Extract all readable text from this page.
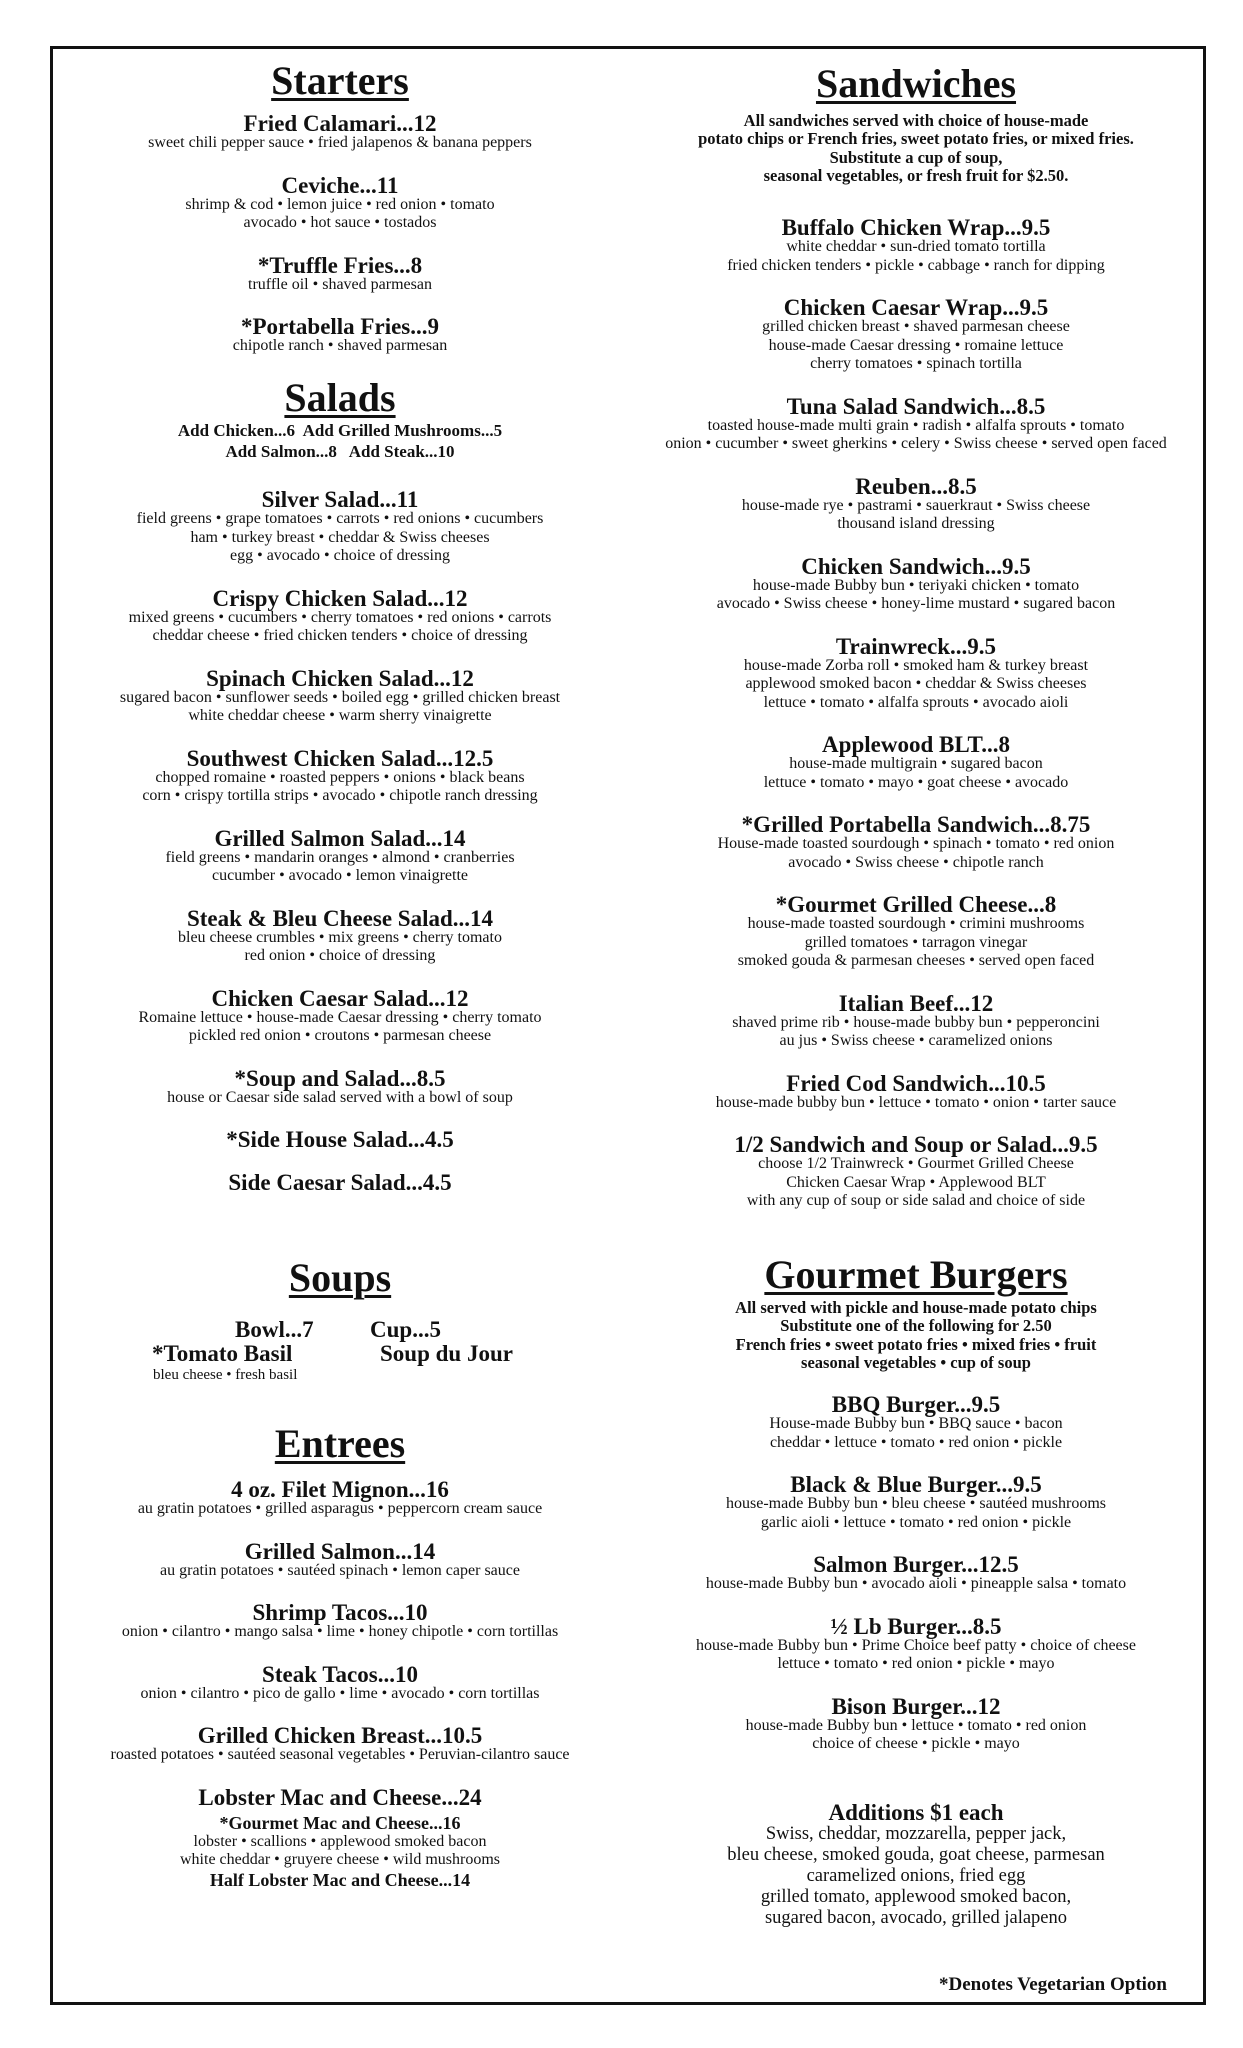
Starters
Fried Calamari...12
sweet chili pepper sauce • fried jalapenos & banana peppers
Ceviche...11
shrimp & cod • lemon juice • red onion • tomato
avocado • hot sauce • tostados
*Truffle Fries...8
truffle oil • shaved parmesan
*Portabella Fries...9
chipotle ranch • shaved parmesan
Salads
Add Chicken...6  Add Grilled Mushrooms...5
Add Salmon...8   Add Steak...10
Silver Salad...11
field greens • grape tomatoes • carrots • red onions • cucumbers
ham • turkey breast • cheddar & Swiss cheeses
egg • avocado • choice of dressing
Crispy Chicken Salad...12
mixed greens • cucumbers • cherry tomatoes • red onions • carrots
cheddar cheese • fried chicken tenders • choice of dressing
Spinach Chicken Salad...12
sugared bacon • sunflower seeds • boiled egg • grilled chicken breast
white cheddar cheese • warm sherry vinaigrette
Southwest Chicken Salad...12.5
chopped romaine • roasted peppers • onions • black beans
corn • crispy tortilla strips • avocado • chipotle ranch dressing
Grilled Salmon Salad...14
field greens • mandarin oranges • almond • cranberries
cucumber • avocado • lemon vinaigrette
Steak & Bleu Cheese Salad...14
bleu cheese crumbles • mix greens • cherry tomato
red onion • choice of dressing
Chicken Caesar Salad...12
Romaine lettuce • house-made Caesar dressing • cherry tomato
pickled red onion • croutons • parmesan cheese
*Soup and Salad...8.5
house or Caesar side salad served with a bowl of soup
*Side House Salad...4.5
Side Caesar Salad...4.5
Soups
Bowl...7 Cup...5
*Tomato Basil
bleu cheese • fresh basil
Soup du Jour
Entrees
4 oz. Filet Mignon...16
au gratin potatoes • grilled asparagus • peppercorn cream sauce
Grilled Salmon...14
au gratin potatoes • sautéed spinach • lemon caper sauce
Shrimp Tacos...10
onion • cilantro • mango salsa • lime • honey chipotle • corn tortillas
Steak Tacos...10
onion • cilantro • pico de gallo • lime • avocado • corn tortillas
Grilled Chicken Breast...10.5
roasted potatoes • sautéed seasonal vegetables • Peruvian-cilantro sauce
Lobster Mac and Cheese...24
*Gourmet Mac and Cheese...16
lobster • scallions • applewood smoked bacon
white cheddar • gruyere cheese • wild mushrooms
Half Lobster Mac and Cheese...14
Sandwiches
All sandwiches served with choice of house-made
potato chips or French fries, sweet potato fries, or mixed fries.
Substitute a cup of soup,
seasonal vegetables, or fresh fruit for $2.50.
Buffalo Chicken Wrap...9.5
white cheddar • sun-dried tomato tortilla
fried chicken tenders • pickle • cabbage • ranch for dipping
Chicken Caesar Wrap...9.5
grilled chicken breast • shaved parmesan cheese
house-made Caesar dressing • romaine lettuce
cherry tomatoes • spinach tortilla
Tuna Salad Sandwich...8.5
toasted house-made multi grain • radish • alfalfa sprouts • tomato
onion • cucumber • sweet gherkins • celery • Swiss cheese • served open faced
Reuben...8.5
house-made rye • pastrami • sauerkraut • Swiss cheese
thousand island dressing
Chicken Sandwich...9.5
house-made Bubby bun • teriyaki chicken • tomato
avocado • Swiss cheese • honey-lime mustard • sugared bacon
Trainwreck...9.5
house-made Zorba roll • smoked ham & turkey breast
applewood smoked bacon • cheddar & Swiss cheeses
lettuce • tomato • alfalfa sprouts • avocado aioli
Applewood BLT...8
house-made multigrain • sugared bacon
lettuce • tomato • mayo • goat cheese • avocado
*Grilled Portabella Sandwich...8.75
House-made toasted sourdough • spinach • tomato • red onion
avocado • Swiss cheese • chipotle ranch
*Gourmet Grilled Cheese...8
house-made toasted sourdough • crimini mushrooms
grilled tomatoes • tarragon vinegar
smoked gouda & parmesan cheeses • served open faced
Italian Beef...12
shaved prime rib • house-made bubby bun • pepperoncini
au jus • Swiss cheese • caramelized onions
Fried Cod Sandwich...10.5
house-made bubby bun • lettuce • tomato • onion • tarter sauce
1/2 Sandwich and Soup or Salad...9.5
choose 1/2 Trainwreck • Gourmet Grilled Cheese
Chicken Caesar Wrap • Applewood BLT
with any cup of soup or side salad and choice of side
Gourmet Burgers
All served with pickle and house-made potato chips
Substitute one of the following for 2.50
French fries • sweet potato fries • mixed fries • fruit
seasonal vegetables • cup of soup
BBQ Burger...9.5
House-made Bubby bun • BBQ sauce • bacon
cheddar • lettuce • tomato • red onion • pickle
Black & Blue Burger...9.5
house-made Bubby bun • bleu cheese • sautéed mushrooms
garlic aioli • lettuce • tomato • red onion • pickle
Salmon Burger...12.5
house-made Bubby bun • avocado aioli • pineapple salsa • tomato
½ Lb Burger...8.5
house-made Bubby bun • Prime Choice beef patty • choice of cheese
lettuce • tomato • red onion • pickle • mayo
Bison Burger...12
house-made Bubby bun • lettuce • tomato • red onion
choice of cheese • pickle • mayo
Additions $1 each
Swiss, cheddar, mozzarella, pepper jack,
bleu cheese, smoked gouda, goat cheese, parmesan
caramelized onions, fried egg
grilled tomato, applewood smoked bacon,
sugared bacon, avocado, grilled jalapeno
*Denotes Vegetarian Option
